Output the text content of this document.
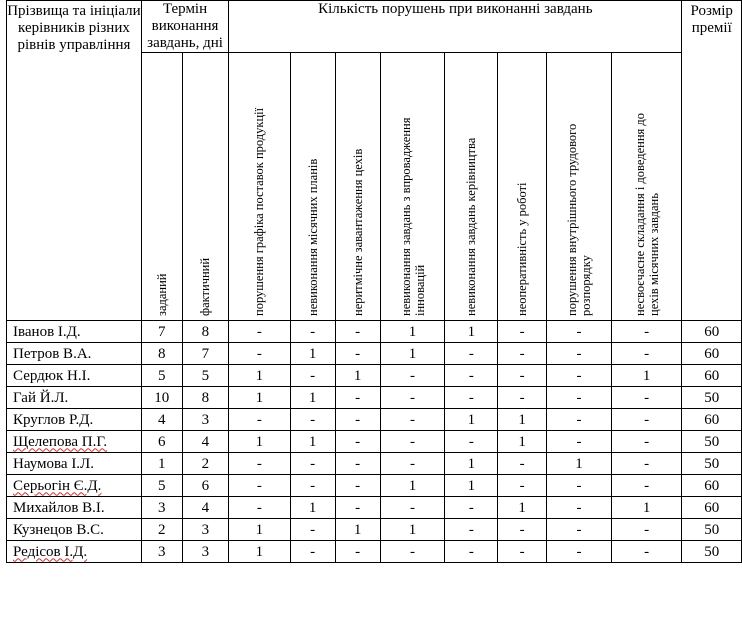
Прізвища та ініціали керівників різних рівнів управління	Термін виконання завдань, дні		Кількість порушень при виконанні завдань								Розмір премії

	заданий	фактичний	порушення графіка поставок продукції	невиконання місячних планів	неритмічне завантаження цехів	невиконання завдань з впровадження інновацій	невиконання завдань керівництва	неоперативність у роботі	порушення внутрішнього трудового розпорядку	несвоєчасне складання і доведення до цехів місячних завдань	

Іванов І.Д.	7	8	-	-	-	1	1	-	-	-	60
Петров В.А.	8	7	-	1	-	1	-	-	-	-	60
Сердюк Н.І.	5	5	1	-	1	-	-	-	-	1	60
Гай Й.Л.	10	8	1	1	-	-	-	-	-	-	50
Круглов Р.Д.	4	3	-	-	-	-	1	1	-	-	60
Щелепова П.Г.	6	4	1	1	-	-	-	1	-	-	50
Наумова І.Л.	1	2	-	-	-	-	1	-	1	-	50
Серьогін Є.Д.	5	6	-	-	-	1	1	-	-	-	60
Михайлов В.І.	3	4	-	1	-	-	-	1	-	1	60
Кузнецов В.С.	2	3	1	-	1	1	-	-	-	-	50
Редісов І.Д.	3	3	1	-	-	-	-	-	-	-	50
